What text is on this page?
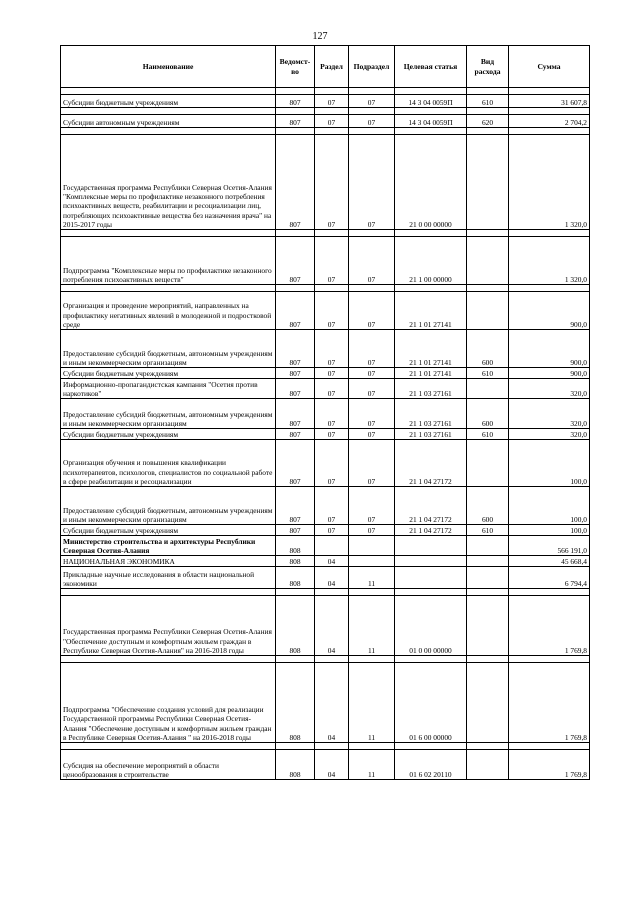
127
Наименование	Ведомст-во	Раздел	Подраздел	Целевая статья	Вид расхода	Сумма

Субсидии бюджетным учреждениям	807	07	07	14 3 04 0059П	610	31 607,8

Субсидии автономным учреждениям	807	07	07	14 3 04 0059П	620	2 704,2

Государственная программа Республики Северная Осетия-Алания "Комплексные меры по профилактике незаконного потребления психоактивных веществ, реабилитации и ресоциализации лиц, потребляющих психоактивные вещества без назначения врача" на 2015-2017 годы	807	07	07	21 0 00 00000		1 320,0

Подпрограмма "Комплексные меры по профилактике незаконного потребления психоактивных веществ"	807	07	07	21 1 00 00000		1 320,0

Организация и проведение мероприятий, направленных на профилактику негативных явлений в молодежной и подростковой среде	807	07	07	21 1 01 27141		900,0
Предоставление субсидий бюджетным, автономным учреждениям и иным некоммерческим организациям	807	07	07	21 1 01 27141	600	900,0
Субсидии бюджетным учреждениям	807	07	07	21 1 01 27141	610	900,0
Информационно-пропагандистская кампания "Осетия против наркотиков"	807	07	07	21 1 03 27161		320,0
Предоставление субсидий бюджетным, автономным учреждениям и иным некоммерческим организациям	807	07	07	21 1 03 27161	600	320,0
Субсидии бюджетным учреждениям	807	07	07	21 1 03 27161	610	320,0
Организация обучения и повышения квалификации психотерапевтов, психологов, специалистов по социальной работе в сфере реабилитации и ресоциализации	807	07	07	21 1 04 27172		100,0
Предоставление субсидий бюджетным, автономным учреждениям и иным некоммерческим организациям	807	07	07	21 1 04 27172	600	100,0
Субсидии бюджетным учреждениям	807	07	07	21 1 04 27172	610	100,0
Министерство строительства и архитектуры Республики Северная Осетия-Алания	808					566 191,0
НАЦИОНАЛЬНАЯ ЭКОНОМИКА	808	04				45 668,4
Прикладные научные исследования в области национальной экономики	808	04	11			6 794,4

Государственная программа Республики Северная Осетия-Алания "Обеспечение доступным и комфортным жильем граждан в Республике Северная Осетия-Алания" на 2016-2018 годы	808	04	11	01 0 00 00000		1 769,8

Подпрограмма "Обеспечение создания условий для реализации Государственной программы Республики Северная Осетия-Алания "Обеспечение доступным и комфортным жильем граждан в Республике Северная Осетия-Алания " на 2016-2018 годы	808	04	11	01 6 00 00000		1 769,8

Субсидия на обеспечение мероприятий в области ценообразования в строительстве	808	04	11	01 6 02 20110		1 769,8
